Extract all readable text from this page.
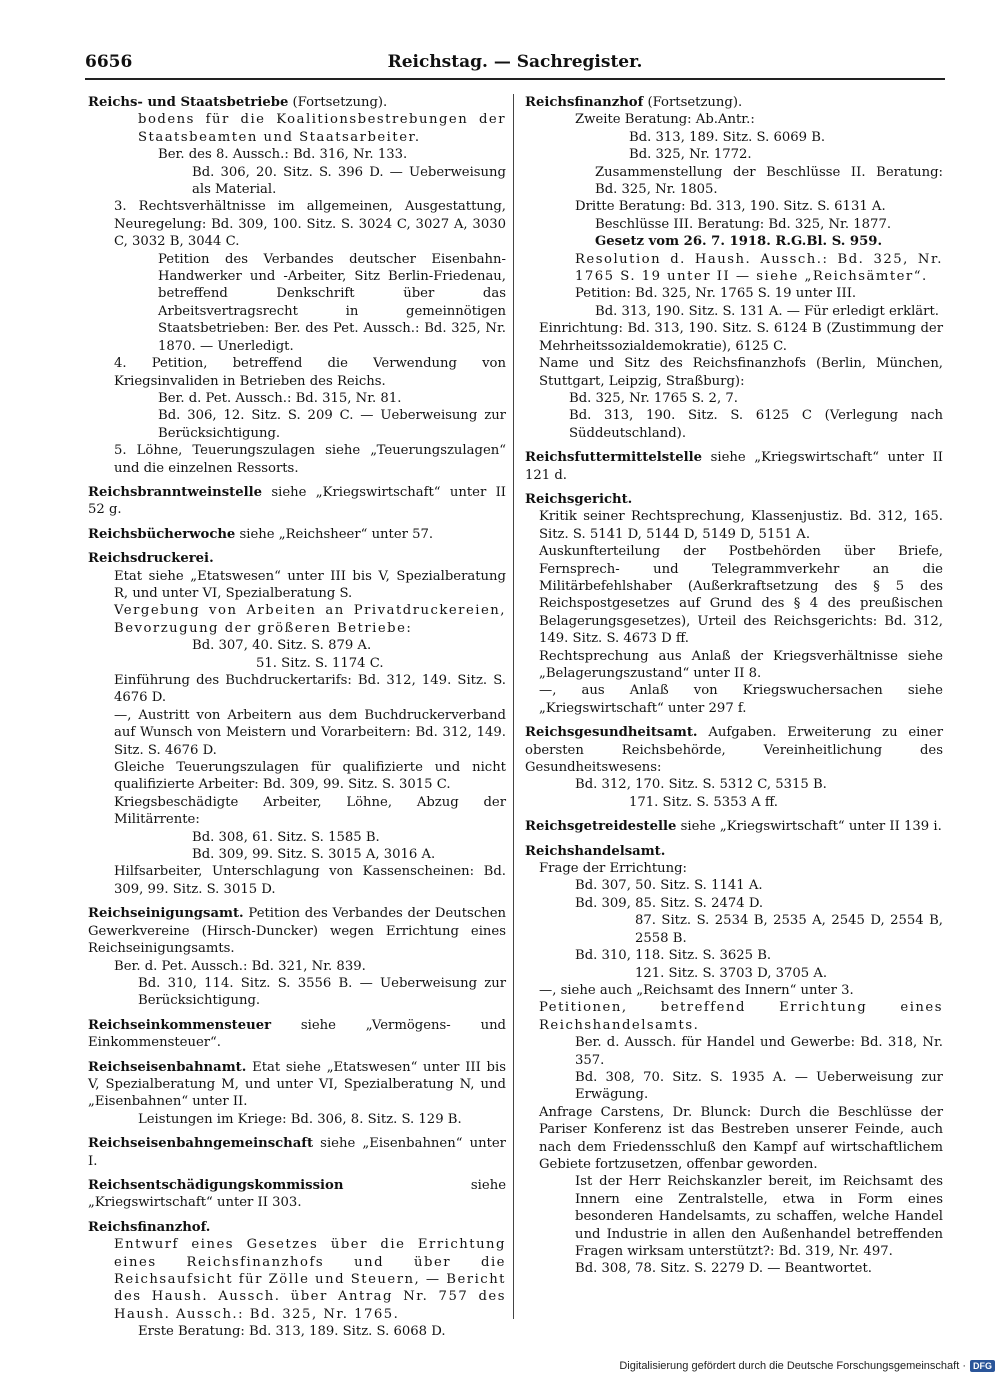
6656	Reichstag. — Sachregister.
Reichs- und Staatsbetriebe (Fortsetzung).
bodens für die Koalitionsbestrebungen der Staatsbeamten und Staatsarbeiter.
Ber. des 8. Aussch.: Bd. 316, Nr. 133.
Bd. 306, 20. Sitz. S. 396 D. — Ueberweisung als Material.
3. Rechtsverhältnisse im allgemeinen, Ausgestattung, Neuregelung: Bd. 309, 100. Sitz. S. 3024 C, 3027 A, 3030 C, 3032 B, 3044 C.
Petition des Verbandes deutscher Eisenbahn-Handwerker und -Arbeiter, Sitz Berlin-Friedenau, betreffend Denkschrift über das Arbeitsvertragsrecht in gemeinnötigen Staatsbetrieben: Ber. des Pet. Aussch.: Bd. 325, Nr. 1870. — Unerledigt.
4. Petition, betreffend die Verwendung von Kriegsinvaliden in Betrieben des Reichs.
Ber. d. Pet. Aussch.: Bd. 315, Nr. 81.
Bd. 306, 12. Sitz. S. 209 C. — Ueberweisung zur Berücksichtigung.
5. Löhne, Teuerungszulagen siehe „Teuerungszulagen“ und die einzelnen Ressorts.
Reichsbranntweinstelle siehe „Kriegswirtschaft“ unter II 52 g.
Reichsbücherwoche siehe „Reichsheer“ unter 57.
Reichsdruckerei.
Etat siehe „Etatswesen“ unter III bis V, Spezialberatung R, und unter VI, Spezialberatung S.
Vergebung von Arbeiten an Privatdruckereien, Bevorzugung der größeren Betriebe:
Bd. 307, 40. Sitz. S. 879 A.
51. Sitz. S. 1174 C.
Einführung des Buchdruckertarifs: Bd. 312, 149. Sitz. S. 4676 D.
—, Austritt von Arbeitern aus dem Buchdruckerverband auf Wunsch von Meistern und Vorarbeitern: Bd. 312, 149. Sitz. S. 4676 D.
Gleiche Teuerungszulagen für qualifizierte und nicht qualifizierte Arbeiter: Bd. 309, 99. Sitz. S. 3015 C.
Kriegsbeschädigte Arbeiter, Löhne, Abzug der Militärrente:
Bd. 308, 61. Sitz. S. 1585 B.
Bd. 309, 99. Sitz. S. 3015 A, 3016 A.
Hilfsarbeiter, Unterschlagung von Kassenscheinen: Bd. 309, 99. Sitz. S. 3015 D.
Reichseinigungsamt. Petition des Verbandes der Deutschen Gewerkvereine (Hirsch-Duncker) wegen Errichtung eines Reichseinigungsamts.
Ber. d. Pet. Aussch.: Bd. 321, Nr. 839.
Bd. 310, 114. Sitz. S. 3556 B. — Ueberweisung zur Berücksichtigung.
Reichseinkommensteuer siehe „Vermögens- und Einkommensteuer“.
Reichseisenbahnamt. Etat siehe „Etatswesen“ unter III bis V, Spezialberatung M, und unter VI, Spezialberatung N, und „Eisenbahnen“ unter II.
Leistungen im Kriege: Bd. 306, 8. Sitz. S. 129 B.
Reichseisenbahngemeinschaft siehe „Eisenbahnen“ unter I.
Reichsentschädigungskommission siehe „Kriegswirtschaft“ unter II 303.
Reichsfinanzhof.
Entwurf eines Gesetzes über die Errichtung eines Reichsfinanzhofs und über die Reichsaufsicht für Zölle und Steuern, — Bericht des Haush. Aussch. über Antrag Nr. 757 des Haush. Aussch.: Bd. 325, Nr. 1765.
Erste Beratung: Bd. 313, 189. Sitz. S. 6068 D.
Reichsfinanzhof (Fortsetzung).
Zweite Beratung: Ab.Antr.:
Bd. 313, 189. Sitz. S. 6069 B.
Bd. 325, Nr. 1772.
Zusammenstellung der Beschlüsse II. Beratung: Bd. 325, Nr. 1805.
Dritte Beratung: Bd. 313, 190. Sitz. S. 6131 A.
Beschlüsse III. Beratung: Bd. 325, Nr. 1877.
Gesetz vom 26. 7. 1918. R.G.Bl. S. 959.
Resolution d. Haush. Aussch.: Bd. 325, Nr. 1765 S. 19 unter II — siehe „Reichsämter“.
Petition: Bd. 325, Nr. 1765 S. 19 unter III.
Bd. 313, 190. Sitz. S. 131 A. — Für erledigt erklärt.
Einrichtung: Bd. 313, 190. Sitz. S. 6124 B (Zustimmung der Mehrheitssozialdemokratie), 6125 C.
Name und Sitz des Reichsfinanzhofs (Berlin, München, Stuttgart, Leipzig, Straßburg):
Bd. 325, Nr. 1765 S. 2, 7.
Bd. 313, 190. Sitz. S. 6125 C (Verlegung nach Süddeutschland).
Reichsfuttermittelstelle siehe „Kriegswirtschaft“ unter II 121 d.
Reichsgericht.
Kritik seiner Rechtsprechung, Klassenjustiz. Bd. 312, 165. Sitz. S. 5141 D, 5144 D, 5149 D, 5151 A.
Auskunfterteilung der Postbehörden über Briefe, Fernsprech- und Telegrammverkehr an die Militärbefehlshaber (Außerkraftsetzung des § 5 des Reichspostgesetzes auf Grund des § 4 des preußischen Belagerungsgesetzes), Urteil des Reichsgerichts: Bd. 312, 149. Sitz. S. 4673 D ff.
Rechtsprechung aus Anlaß der Kriegsverhältnisse siehe „Belagerungszustand“ unter II 8.
—, aus Anlaß von Kriegswuchersachen siehe „Kriegswirtschaft“ unter 297 f.
Reichsgesundheitsamt. Aufgaben. Erweiterung zu einer obersten Reichsbehörde, Vereinheitlichung des Gesundheitswesens:
Bd. 312, 170. Sitz. S. 5312 C, 5315 B.
171. Sitz. S. 5353 A ff.
Reichsgetreidestelle siehe „Kriegswirtschaft“ unter II 139 i.
Reichshandelsamt.
Frage der Errichtung:
Bd. 307, 50. Sitz. S. 1141 A.
Bd. 309, 85. Sitz. S. 2474 D.
87. Sitz. S. 2534 B, 2535 A, 2545 D, 2554 B, 2558 B.
Bd. 310, 118. Sitz. S. 3625 B.
121. Sitz. S. 3703 D, 3705 A.
—, siehe auch „Reichsamt des Innern“ unter 3.
Petitionen, betreffend Errichtung eines Reichshandelsamts.
Ber. d. Aussch. für Handel und Gewerbe: Bd. 318, Nr. 357.
Bd. 308, 70. Sitz. S. 1935 A. — Ueberweisung zur Erwägung.
Anfrage Carstens, Dr. Blunck: Durch die Beschlüsse der Pariser Konferenz ist das Bestreben unserer Feinde, auch nach dem Friedensschluß den Kampf auf wirtschaftlichem Gebiete fortzusetzen, offenbar geworden.
Ist der Herr Reichskanzler bereit, im Reichsamt des Innern eine Zentralstelle, etwa in Form eines besonderen Handelsamts, zu schaffen, welche Handel und Industrie in allen den Außenhandel betreffenden Fragen wirksam unterstützt?: Bd. 319, Nr. 497.
Bd. 308, 78. Sitz. S. 2279 D. — Beantwortet.
Digitalisierung gefördert durch die Deutsche Forschungsgemeinschaft · DFG
